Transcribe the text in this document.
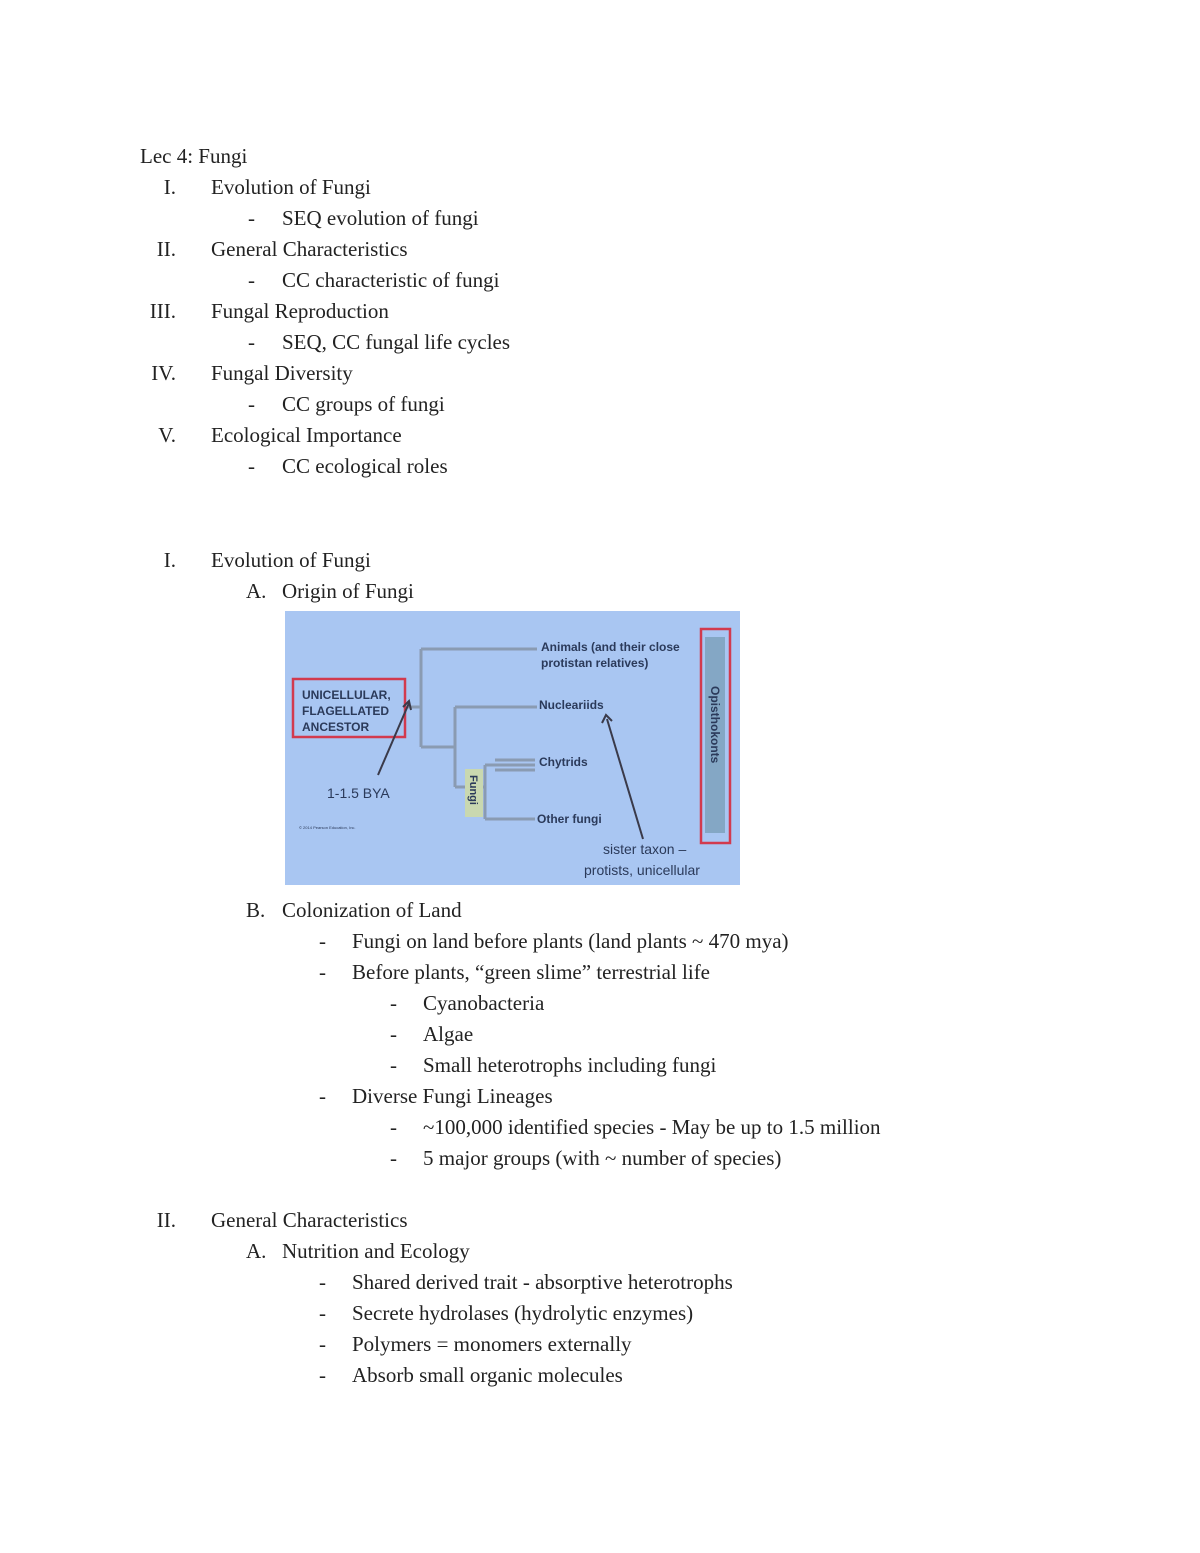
Lec 4: Fungi
I. Evolution of Fungi
- SEQ evolution of fungi
II. General Characteristics
- CC characteristic of fungi
III. Fungal Reproduction
- SEQ, CC fungal life cycles
IV. Fungal Diversity
- CC groups of fungi
V. Ecological Importance
- CC ecological roles
I. Evolution of Fungi
A. Origin of Fungi
UNICELLULAR,
FLAGELLATED
ANCESTOR
1-1.5 BYA
© 2014 Pearson Education, Inc.
Animals (and their close
protistan relatives)
Nucleariids
Chytrids
Other fungi
Fungi
Opisthokonts
sister taxon –
protists, unicellular
B. Colonization of Land
- Fungi on land before plants (land plants ~ 470 mya)
- Before plants, “green slime” terrestrial life
- Cyanobacteria
- Algae
- Small heterotrophs including fungi
- Diverse Fungi Lineages
- ~100,000 identified species - May be up to 1.5 million
- 5 major groups (with ~ number of species)
II. General Characteristics
A. Nutrition and Ecology
- Shared derived trait - absorptive heterotrophs
- Secrete hydrolases (hydrolytic enzymes)
- Polymers = monomers externally
- Absorb small organic molecules
